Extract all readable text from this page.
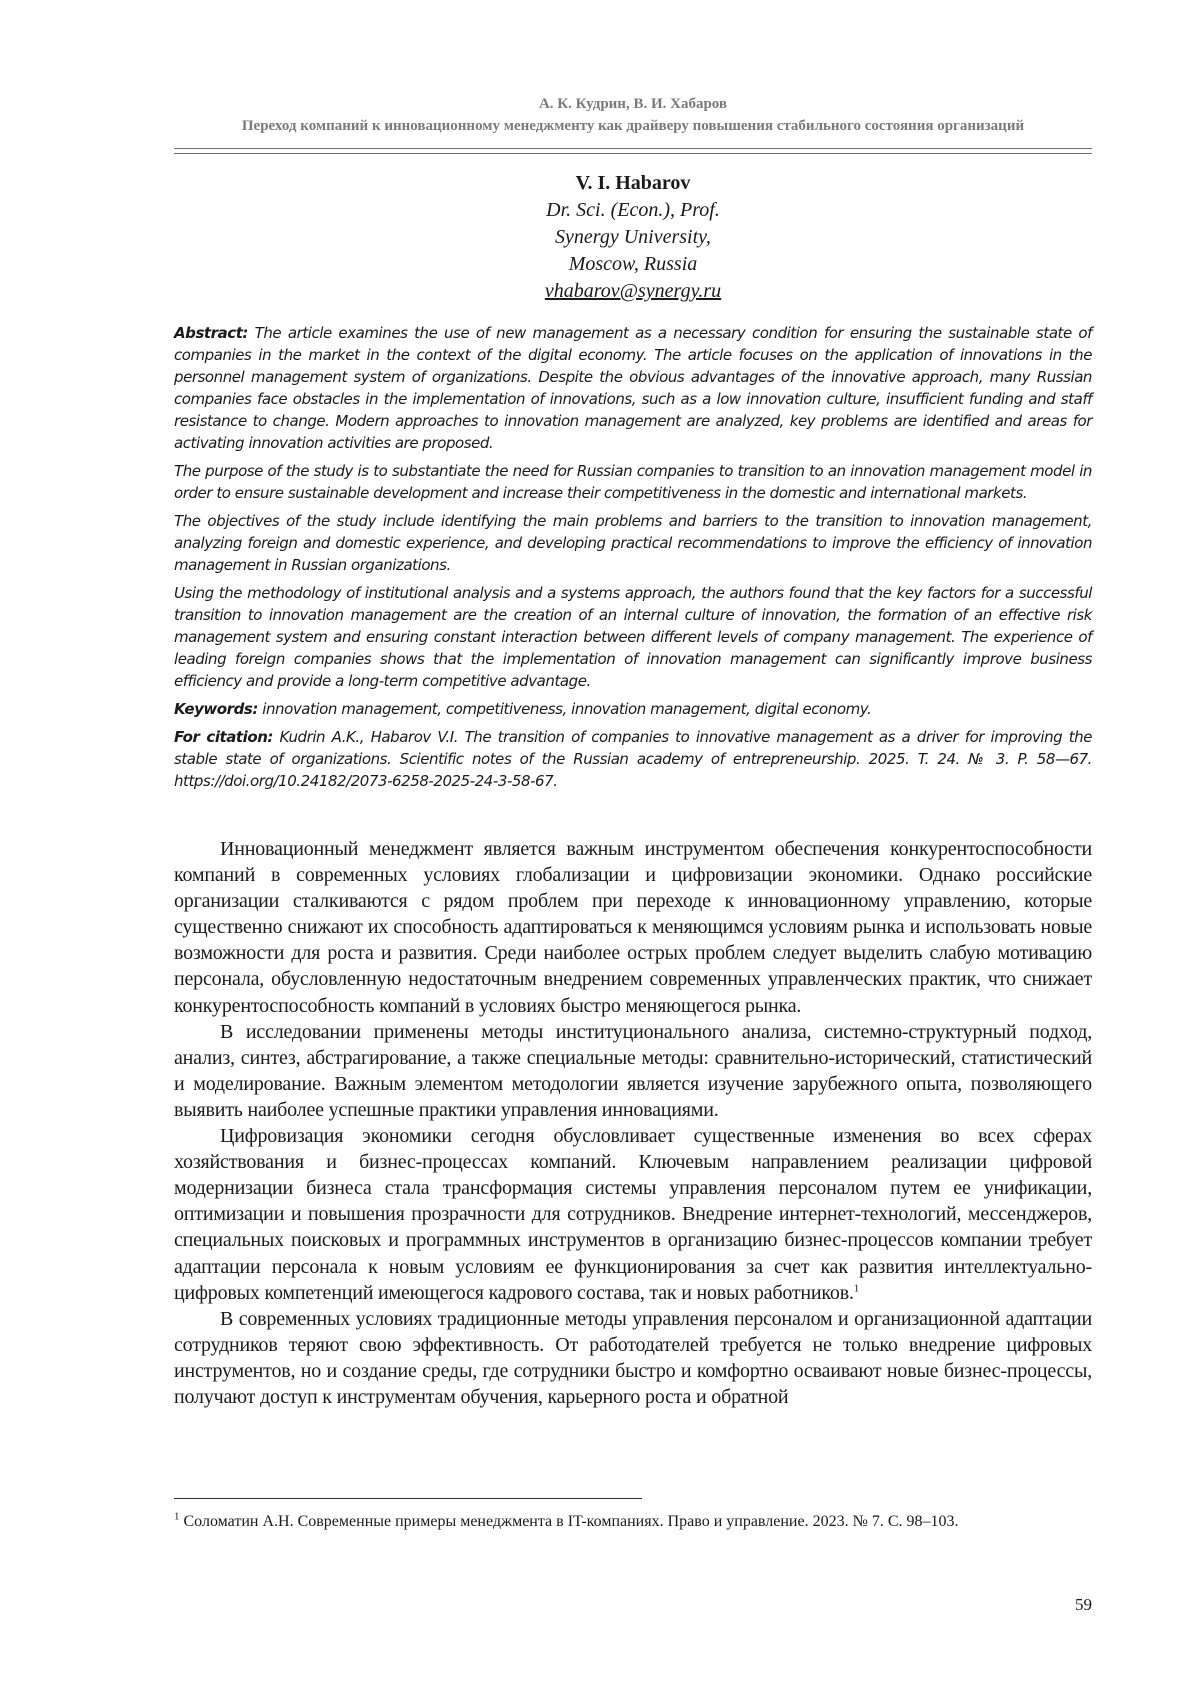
А. К. Кудрин, В. И. Хабаров
Переход компаний к инновационному менеджменту как драйверу повышения стабильного состояния организаций
V. I. Habarov
Dr. Sci. (Econ.), Prof.
Synergy University,
Moscow, Russia
vhabarov@synergy.ru

Abstract: The article examines the use of new management as a necessary condition for ensuring the sustainable state of companies in the market in the context of the digital economy. The article focuses on the application of innovations in the personnel management system of organizations. Despite the obvious advantages of the innovative approach, many Russian companies face obstacles in the implementation of innovations, such as a low innovation culture, insufficient funding and staff resistance to change. Modern approaches to innovation management are analyzed, key problems are identified and areas for activating innovation activities are proposed.

The purpose of the study is to substantiate the need for Russian companies to transition to an innovation management model in order to ensure sustainable development and increase their competitiveness in the domestic and international markets.

The objectives of the study include identifying the main problems and barriers to the transition to innovation management, analyzing foreign and domestic experience, and developing practical recommendations to improve the efficiency of innovation management in Russian organizations.

Using the methodology of institutional analysis and a systems approach, the authors found that the key factors for a successful transition to innovation management are the creation of an internal culture of innovation, the formation of an effective risk management system and ensuring constant interaction between different levels of company management. The experience of leading foreign companies shows that the implementation of innovation management can significantly improve business efficiency and provide a long-term competitive advantage.

Keywords: innovation management, competitiveness, innovation management, digital economy.

For citation: Kudrin A.K., Habarov V.I. The transition of companies to innovative management as a driver for improving the stable state of organizations. Scientific notes of the Russian academy of entrepreneurship. 2025. T. 24. № 3. P. 58—67. https://doi.org/10.24182/2073-6258-2025-24-3-58-67.

Инновационный менеджмент является важным инструментом обеспечения конкурентоспособности компаний в современных условиях глобализации и цифровизации экономики. Однако российские организации сталкиваются с рядом проблем при переходе к инновационному управлению, которые существенно снижают их способность адаптироваться к меняющимся условиям рынка и использовать новые возможности для роста и развития. Среди наиболее острых проблем следует выделить слабую мотивацию персонала, обусловленную недостаточным внедрением современных управленческих практик, что снижает конкурентоспособность компаний в условиях быстро меняющегося рынка.

В исследовании применены методы институционального анализа, системно-структурный подход, анализ, синтез, абстрагирование, а также специальные методы: сравнительно-исторический, статистический и моделирование. Важным элементом методологии является изучение зарубежного опыта, позволяющего выявить наиболее успешные практики управления инновациями.

Цифровизация экономики сегодня обусловливает существенные изменения во всех сферах хозяйствования и бизнес-процессах компаний. Ключевым направлением реализации цифровой модернизации бизнеса стала трансформация системы управления персоналом путем ее унификации, оптимизации и повышения прозрачности для сотрудников. Внедрение интернет-технологий, мессенджеров, специальных поисковых и программных инструментов в организацию бизнес-процессов компании требует адаптации персонала к новым условиям ее функционирования за счет как развития интеллектуально-цифровых компетенций имеющегося кадрового состава, так и новых работников.$^1$

В современных условиях традиционные методы управления персоналом и организационной адаптации сотрудников теряют свою эффективность. От работодателей требуется не только внедрение цифровых инструментов, но и создание среды, где сотрудники быстро и комфортно осваивают новые бизнес-процессы, получают доступ к инструментам обучения, карьерного роста и обратной

$^1$ Соломатин А.Н. Современные примеры менеджмента в IT-компаниях. Право и управление. 2023. № 7. С. 98–103.
59
